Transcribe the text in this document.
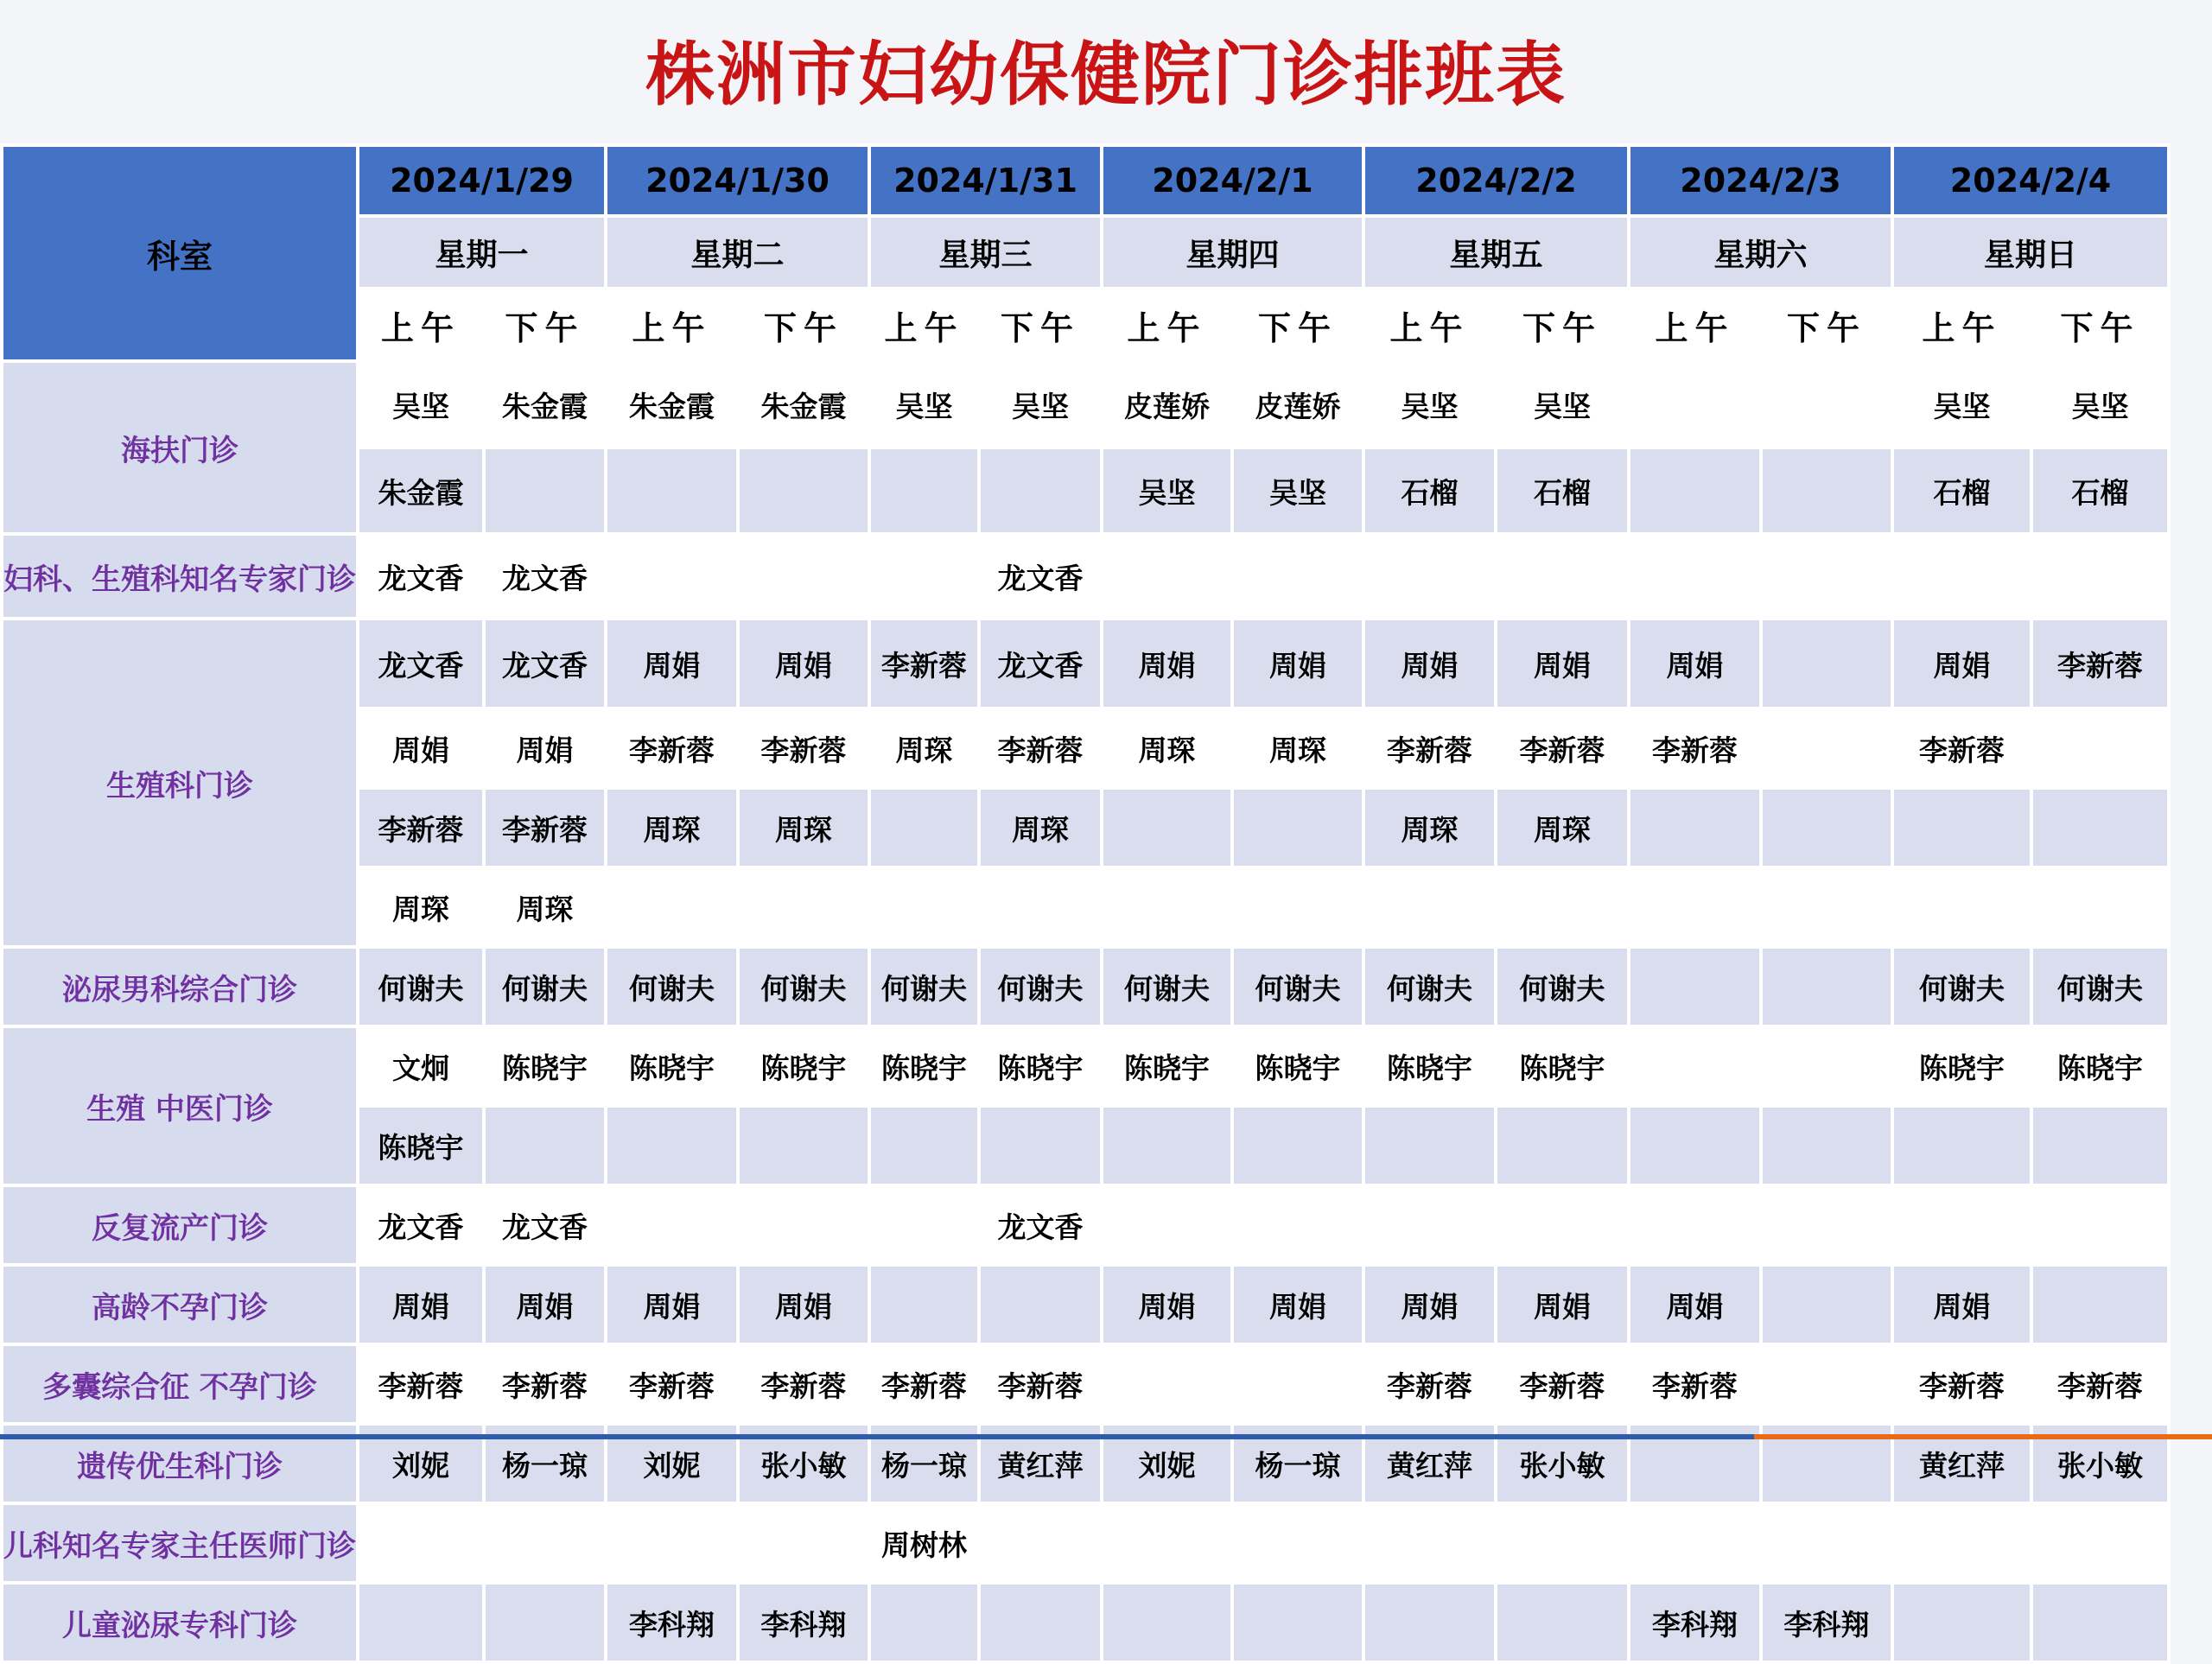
株洲市妇幼保健院门诊排班表
科室	2024/1/29		2024/1/30		2024/1/31		2024/2/1		2024/2/2		2024/2/3		2024/2/4	
	星期一		星期二		星期三		星期四		星期五		星期六		星期日	
	上午	下午	上午	下午	上午	下午	上午	下午	上午	下午	上午	下午	上午	下午
海扶门诊	吴坚	朱金霞	朱金霞	朱金霞	吴坚	吴坚	皮莲娇	皮莲娇	吴坚	吴坚			吴坚	吴坚
	朱金霞						吴坚	吴坚	石榴	石榴			石榴	石榴
妇科、生殖科知名专家门诊	龙文香	龙文香				龙文香								
生殖科门诊	龙文香	龙文香	周娟	周娟	李新蓉	龙文香	周娟	周娟	周娟	周娟	周娟		周娟	李新蓉
	周娟	周娟	李新蓉	李新蓉	周琛	李新蓉	周琛	周琛	李新蓉	李新蓉	李新蓉		李新蓉	
	李新蓉	李新蓉	周琛	周琛		周琛			周琛	周琛				
	周琛	周琛												
泌尿男科综合门诊	何谢夫	何谢夫	何谢夫	何谢夫	何谢夫	何谢夫	何谢夫	何谢夫	何谢夫	何谢夫			何谢夫	何谢夫
生殖 中医门诊	文炯	陈晓宇	陈晓宇	陈晓宇	陈晓宇	陈晓宇	陈晓宇	陈晓宇	陈晓宇	陈晓宇			陈晓宇	陈晓宇
	陈晓宇													
反复流产门诊	龙文香	龙文香				龙文香								
高龄不孕门诊	周娟	周娟	周娟	周娟			周娟	周娟	周娟	周娟	周娟		周娟	
多囊综合征 不孕门诊	李新蓉	李新蓉	李新蓉	李新蓉	李新蓉	李新蓉			李新蓉	李新蓉	李新蓉		李新蓉	李新蓉
遗传优生科门诊	刘妮	杨一琼	刘妮	张小敏	杨一琼	黄红萍	刘妮	杨一琼	黄红萍	张小敏			黄红萍	张小敏
儿科知名专家主任医师门诊					周树林									
儿童泌尿专科门诊			李科翔	李科翔							李科翔	李科翔		
